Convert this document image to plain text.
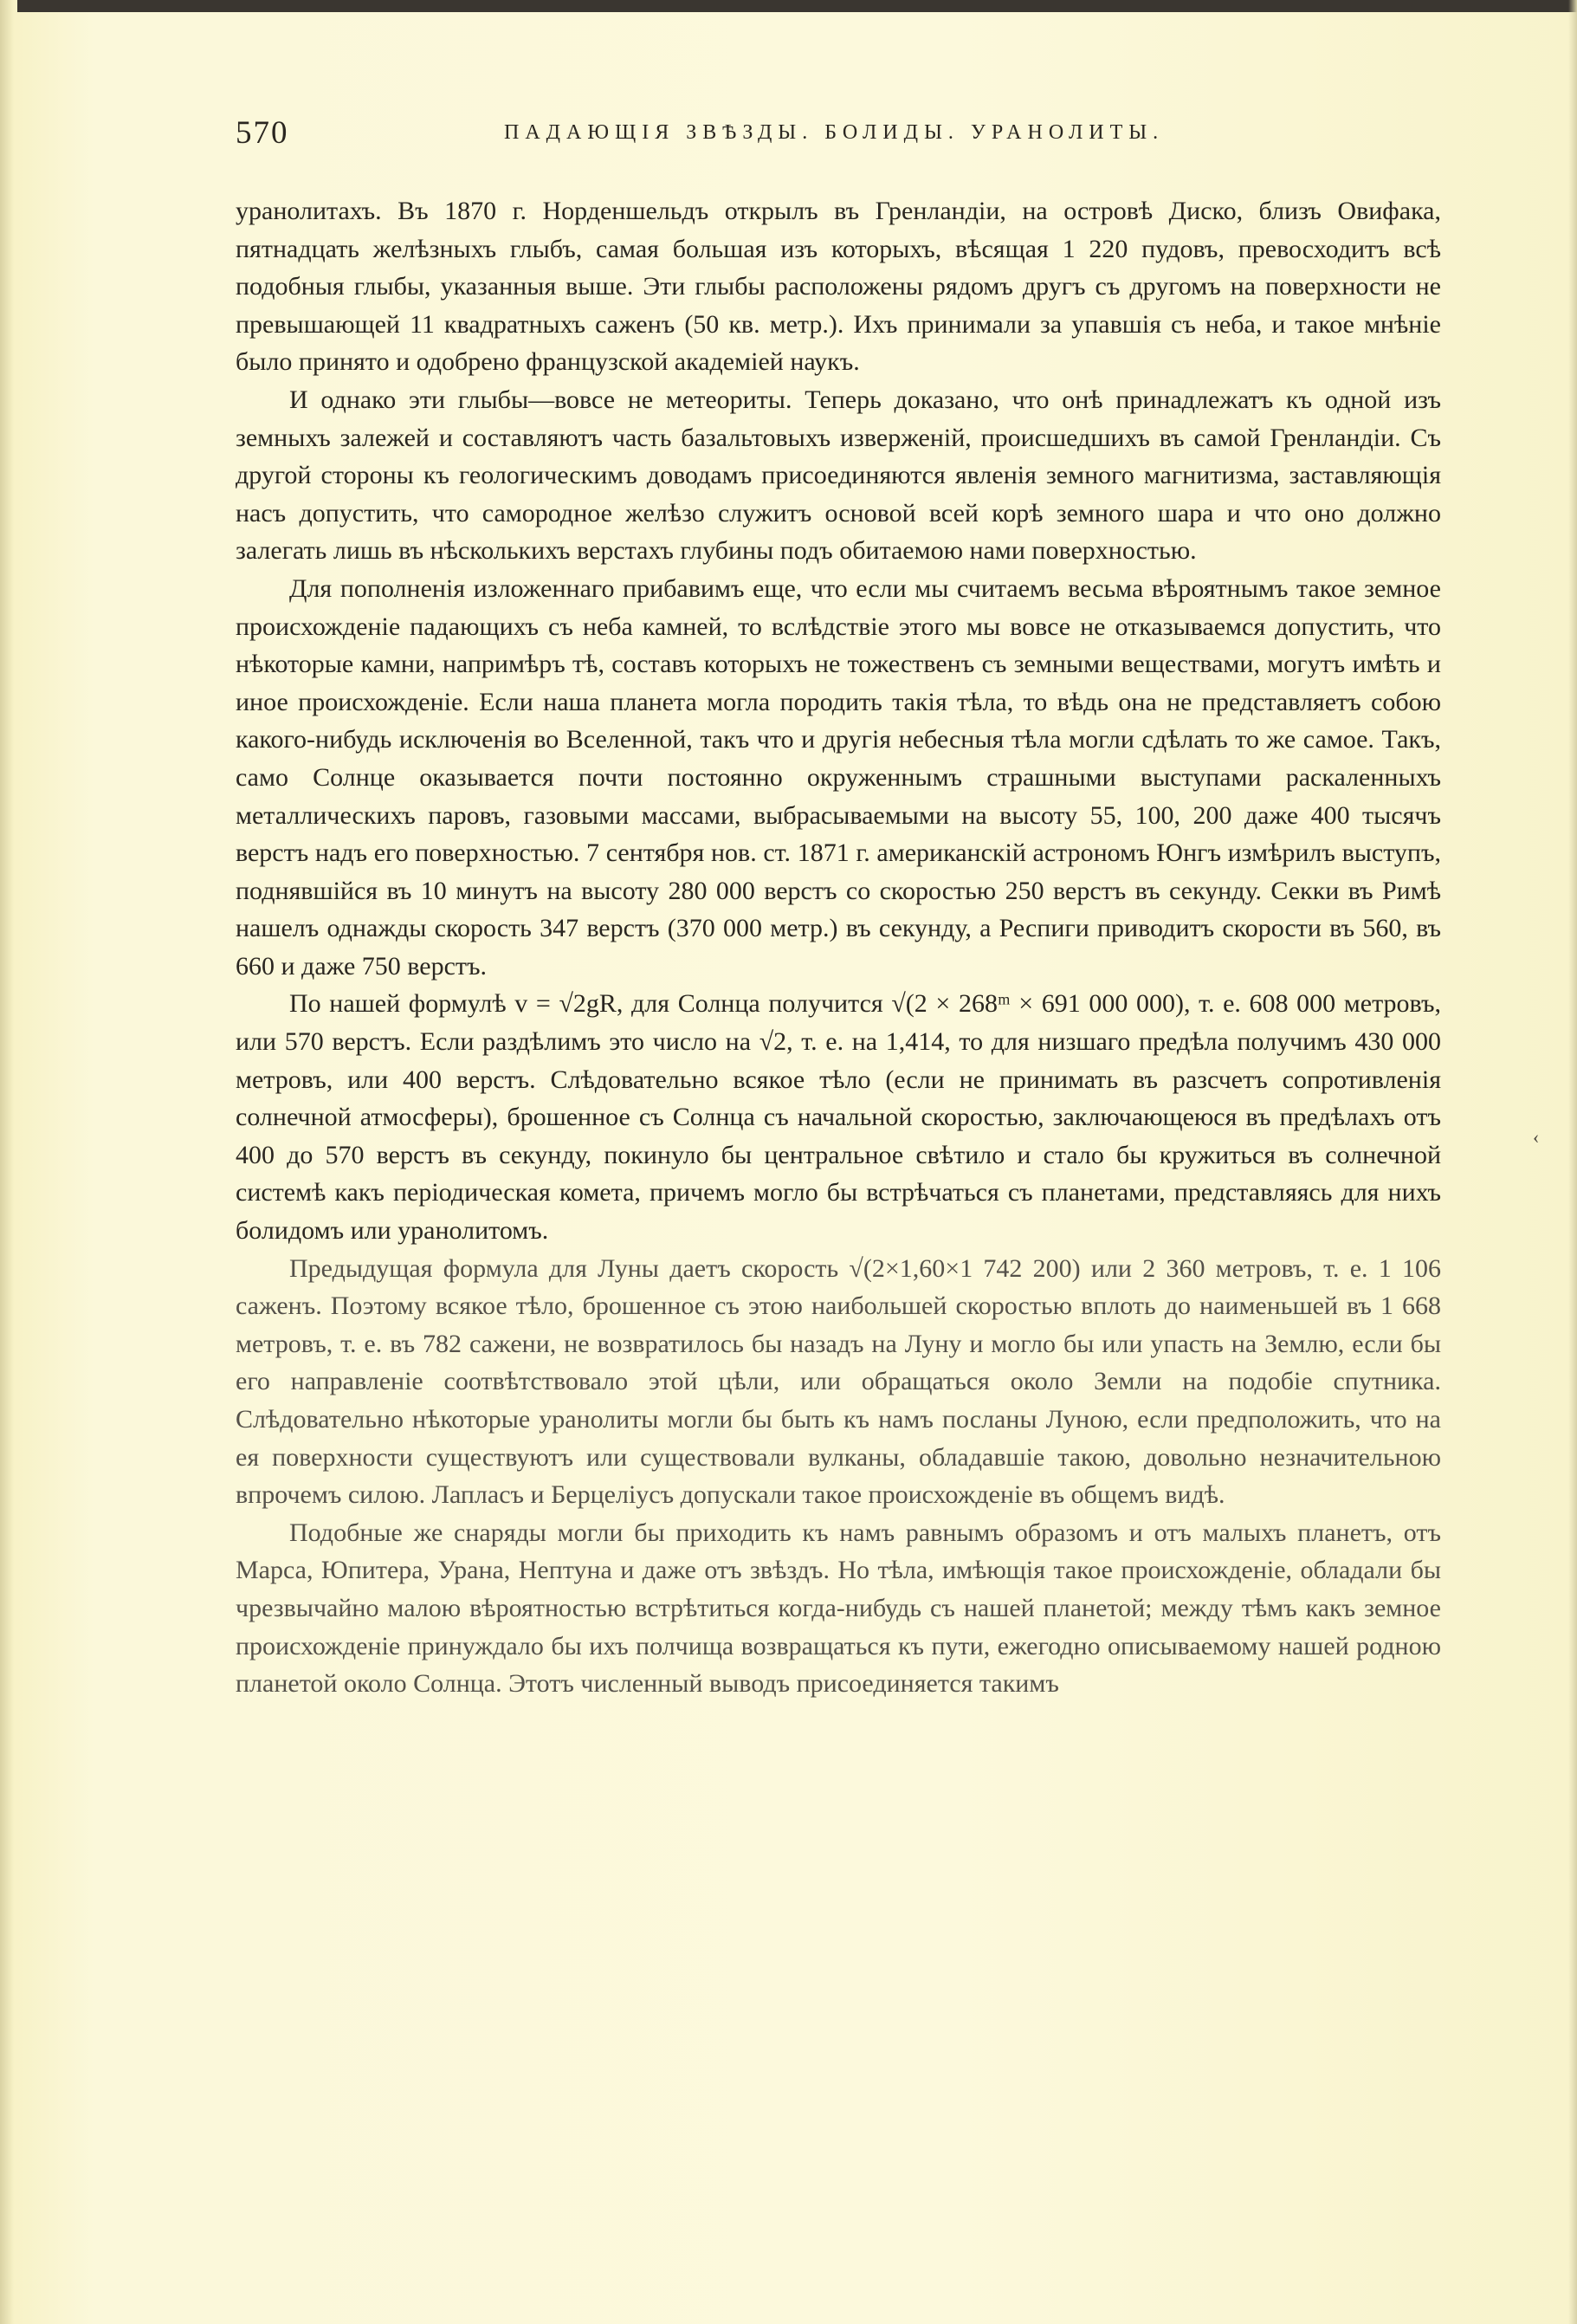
570	ПАДАЮЩІЯ ЗВѢЗДЫ. БОЛИДЫ. УРАНОЛИТЫ.

уранолитахъ. Въ 1870 г. Норденшельдъ открылъ въ Гренландіи, на островѣ Диско, близъ Овифака, пятнадцать желѣзныхъ глыбъ, самая большая изъ которыхъ, вѣсящая 1 220 пудовъ, превосходитъ всѣ подобныя глыбы, указанныя выше. Эти глыбы расположены рядомъ другъ съ другомъ на поверхности не превышающей 11 квадратныхъ саженъ (50 кв. метр.). Ихъ принимали за упавшія съ неба, и такое мнѣніе было принято и одобрено французской академіей наукъ.

И однако эти глыбы—вовсе не метеориты. Теперь доказано, что онѣ принадлежатъ къ одной изъ земныхъ залежей и составляютъ часть базальтовыхъ изверженій, происшедшихъ въ самой Гренландіи. Съ другой стороны къ геологическимъ доводамъ присоединяются явленія земного магнитизма, заставляющія насъ допустить, что самородное желѣзо служитъ основой всей корѣ земного шара и что оно должно залегать лишь въ нѣсколькихъ верстахъ глубины подъ обитаемою нами поверхностью.

Для пополненія изложеннаго прибавимъ еще, что если мы считаемъ весьма вѣроятнымъ такое земное происхожденіе падающихъ съ неба камней, то вслѣдствіе этого мы вовсе не отказываемся допустить, что нѣкоторые камни, напримѣръ тѣ, составъ которыхъ не тожественъ съ земными веществами, могутъ имѣть и иное происхожденіе. Если наша планета могла породить такія тѣла, то вѣдь она не представляетъ собою какого-нибудь исключенія во Вселенной, такъ что и другія небесныя тѣла могли сдѣлать то же самое. Такъ, само Солнце оказывается почти постоянно окруженнымъ страшными выступами раскаленныхъ металлическихъ паровъ, газовыми массами, выбрасываемыми на высоту 55, 100, 200 даже 400 тысячъ верстъ надъ его поверхностью. 7 сентября нов. ст. 1871 г. американскій астрономъ Юнгъ измѣрилъ выступъ, поднявшійся въ 10 минутъ на высоту 280 000 верстъ со скоростью 250 верстъ въ секунду. Секки въ Римѣ нашелъ однажды скорость 347 верстъ (370 000 метр.) въ секунду, а Респиги приводитъ скорости въ 560, въ 660 и даже 750 верстъ.

По нашей формулѣ v = √2gR, для Солнца получится √(2 × 268ᵐ × 691 000 000), т. е. 608 000 метровъ, или 570 верстъ. Если раздѣлимъ это число на √2, т. е. на 1,414, то для низшаго предѣла получимъ 430 000 метровъ, или 400 верстъ. Слѣдовательно всякое тѣло (если не принимать въ разсчетъ сопротивленія солнечной атмосферы), брошенное съ Солнца съ начальной скоростью, заключающеюся въ предѣлахъ отъ 400 до 570 верстъ въ секунду, покинуло бы центральное свѣтило и стало бы кружиться въ солнечной системѣ какъ періодическая комета, причемъ могло бы встрѣчаться съ планетами, представляясь для нихъ болидомъ или уранолитомъ.

Предыдущая формула для Луны даетъ скорость √(2×1,60×1 742 200) или 2 360 метровъ, т. е. 1 106 саженъ. Поэтому всякое тѣло, брошенное съ этою наибольшей скоростью вплоть до наименьшей въ 1 668 метровъ, т. е. въ 782 сажени, не возвратилось бы назадъ на Луну и могло бы или упасть на Землю, если бы его направленіе соотвѣтствовало этой цѣли, или обращаться около Земли на подобіе спутника. Слѣдовательно нѣкоторые уранолиты могли бы быть къ намъ посланы Луною, если предположить, что на ея поверхности существуютъ или существовали вулканы, обладавшіе такою, довольно незначительною впрочемъ силою. Лапласъ и Берцеліусъ допускали такое происхожденіе въ общемъ видѣ.

Подобные же снаряды могли бы приходить къ намъ равнымъ образомъ и отъ малыхъ планетъ, отъ Марса, Юпитера, Урана, Нептуна и даже отъ звѣздъ. Но тѣла, имѣющія такое происхожденіе, обладали бы чрезвычайно малою вѣроятностью встрѣтиться когда-нибудь съ нашей планетой; между тѣмъ какъ земное происхожденіе принуждало бы ихъ полчища возвращаться къ пути, ежегодно описываемому нашей родною планетой около Солнца. Этотъ численный выводъ присоединяется такимъ

‹
